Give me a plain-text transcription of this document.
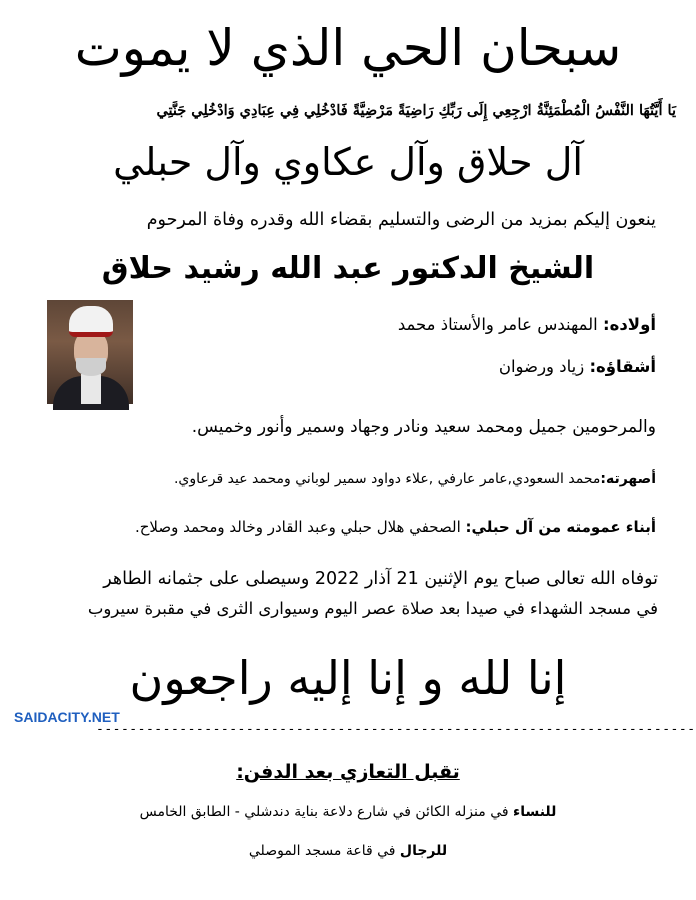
سبحان الحي الذي لا يموت
يَا أَيَّتُهَا النَّفْسُ الْمُطْمَئِنَّةُ ارْجِعِي إِلَى رَبِّكِ رَاضِيَةً مَرْضِيَّةً فَادْخُلِي فِي عِبَادِي وَادْخُلِي جَنَّتِي
آل حلاق وآل عكاوي وآل حبلي
ينعون إليكم بمزيد من الرضى والتسليم بقضاء الله وقدره وفاة المرحوم
الشيخ الدكتور عبد الله رشيد حلاق
أولاده: المهندس عامر والأستاذ محمد
أشقاؤه: زياد ورضوان
والمرحومين جميل ومحمد سعيد ونادر وجهاد وسمير وأنور وخميس.
أصهرته:محمد السعودي,عامر عارفي ,علاء دواود سمير لوباني ومحمد عيد قرعاوي.
أبناء عمومته من آل حبلي: الصحفي هلال حبلي وعبد القادر وخالد ومحمد وصلاح.
توفاه الله تعالى صباح يوم الإثنين 21 آذار 2022 وسيصلى على جثمانه الطاهر
في مسجد الشهداء في صيدا بعد صلاة عصر اليوم وسيوارى الثرى في مقبرة سيروب
إنا لله و إنا إليه راجعون
SAIDACITY.NET
------------------------------------------------------------------------
تقبل التعازي بعد الدفن:
للنساء في منزله الكائن في شارع دلاعة بناية دندشلي - الطابق الخامس
للرجال في قاعة مسجد الموصلي
